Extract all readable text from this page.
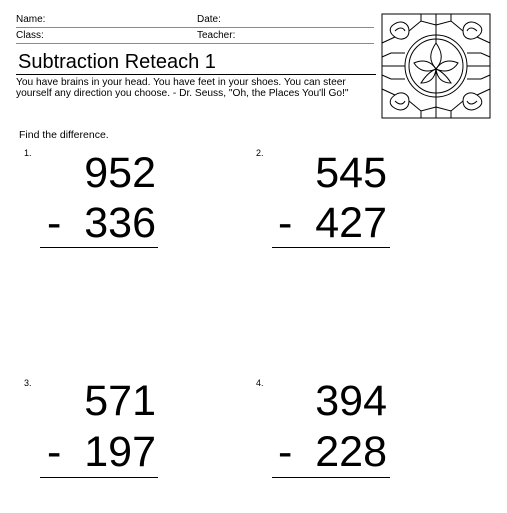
Name:	Date:
Class:	Teacher:
Subtraction Reteach 1
You have brains in your head. You have feet in your shoes. You can steer yourself any direction you choose. - Dr. Seuss, "Oh, the Places You'll Go!"
Find the difference.
1.	952
- 336
2.	545
- 427
3.	571
- 197
4.	394
- 228
